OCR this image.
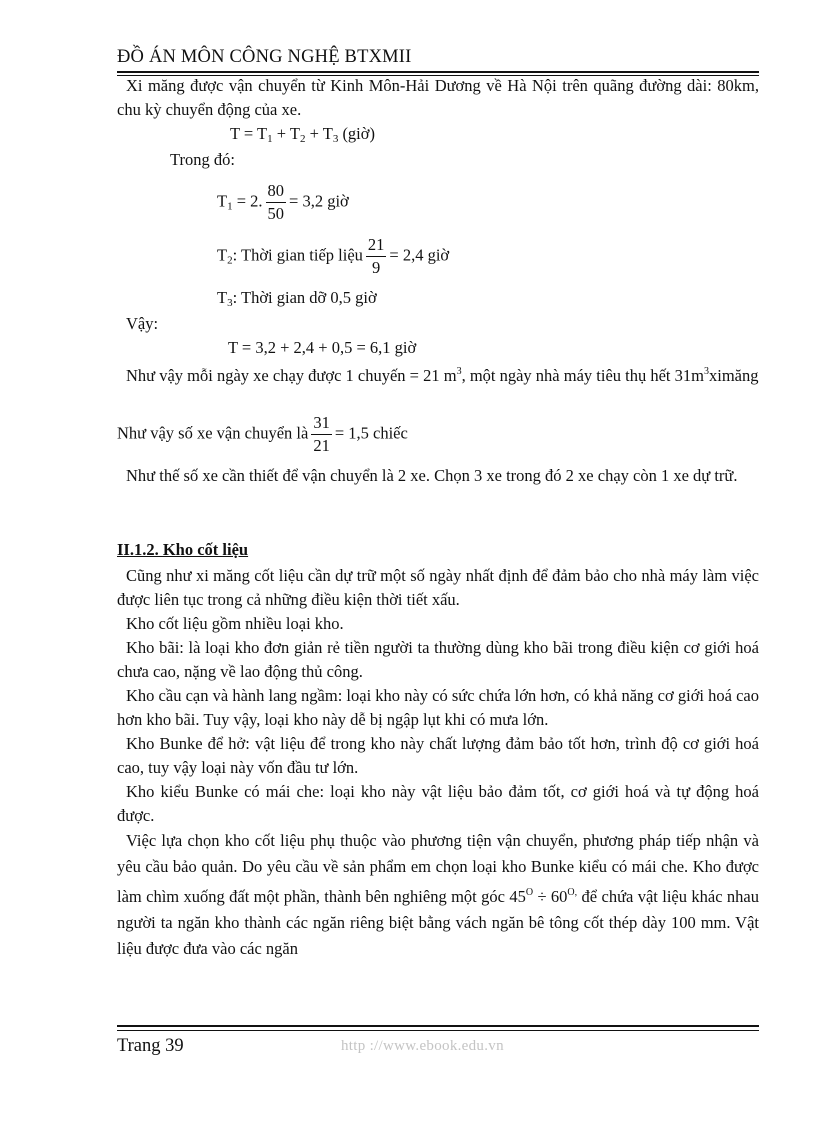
ĐỒ ÁN MÔN CÔNG NGHỆ BTXMII

Xi măng được vận chuyển từ Kinh Môn-Hải Dương về Hà Nội trên quãng đường dài: 80km, chu kỳ chuyển động của xe.

$T = T_1 + T_2 + T_3$ (giờ)
Trong đó:
$T_1 = 2$. $\frac{80}{50} = 3,2$ giờ
$T_2$: Thời gian tiếp liệu $\frac{21}{9} = 2,4$ giờ
$T_3$: Thời gian dỡ 0,5 giờ
Vậy:
T = 3,2 + 2,4 + 0,5 = 6,1 giờ

Như vậy mỗi ngày xe chạy được 1 chuyến = 21 $m^3$, một ngày nhà máy tiêu thụ hết $31m^3ximăng$

Như vậy số xe vận chuyển là $\frac{31}{21} = 1,5$ chiếc

Như thế số xe cần thiết để vận chuyển là 2 xe. Chọn 3 xe trong đó 2 xe chạy còn 1 xe dự trữ.

II.1.2. Kho cốt liệu

Cũng như xi măng cốt liệu cần dự trữ một số ngày nhất định để đảm bảo cho nhà máy làm việc được liên tục trong cả những điều kiện thời tiết xấu.

Kho cốt liệu gồm nhiều loại kho.

Kho bãi: là loại kho đơn giản rẻ tiền người ta thường dùng kho bãi trong điều kiện cơ giới hoá chưa cao, nặng về lao động thủ công.

Kho cầu cạn và hành lang ngầm: loại kho này có sức chứa lớn hơn, có khả năng cơ giới hoá cao hơn kho bãi. Tuy vậy, loại kho này dễ bị ngập lụt khi có mưa lớn.

Kho Bunke để hở: vật liệu để trong kho này chất lượng đảm bảo tốt hơn, trình độ cơ giới hoá cao, tuy vậy loại này vốn đầu tư lớn.

Kho kiểu Bunke có mái che: loại kho này vật liệu bảo đảm tốt, cơ giới hoá và tự động hoá được.

Việc lựa chọn kho cốt liệu phụ thuộc vào phương tiện vận chuyển, phương pháp tiếp nhận và yêu cầu bảo quản. Do yêu cầu về sản phẩm em chọn loại kho Bunke kiểu có mái che. Kho được làm chìm xuống đất một phần, thành bên nghiêng một góc $45^O \div 60^{O,}$ để chứa vật liệu khác nhau người ta ngăn kho thành các ngăn riêng biệt bằng vách ngăn bê tông cốt thép dày 100 mm. Vật liệu được đưa vào các ngăn

Trang 39	http ://www.ebook.edu.vn
